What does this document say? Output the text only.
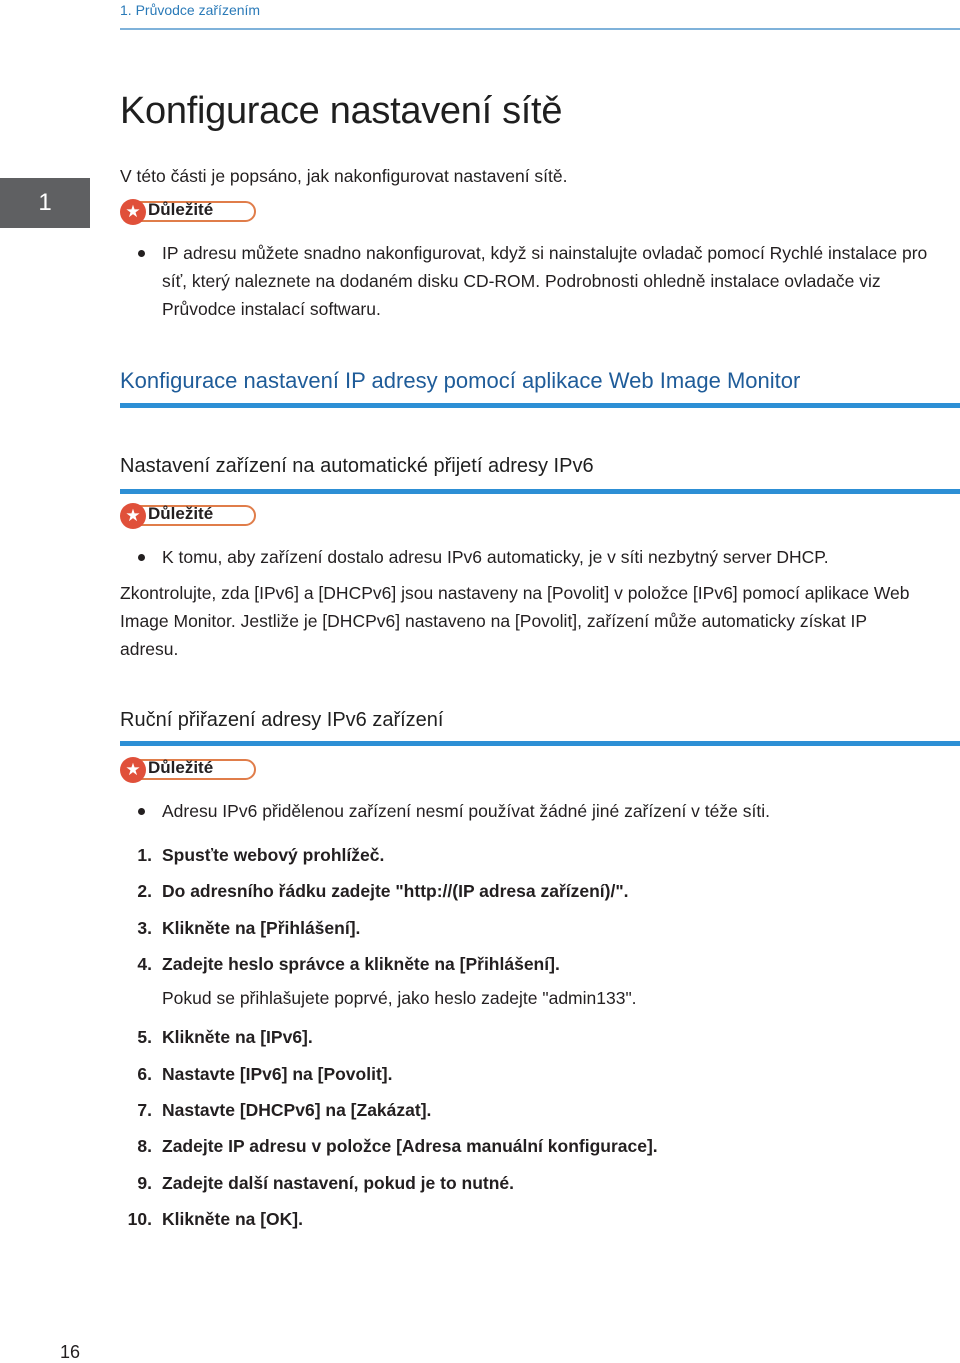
1. Průvodce zařízením
1
Konfigurace nastavení sítě
V této části je popsáno, jak nakonfigurovat nastavení sítě.
★ Důležité
IP adresu můžete snadno nakonfigurovat, když si nainstalujte ovladač pomocí Rychlé instalace pro
síť, který naleznete na dodaném disku CD-ROM. Podrobnosti ohledně instalace ovladače viz
Průvodce instalací softwaru.
Konfigurace nastavení IP adresy pomocí aplikace Web Image Monitor
Nastavení zařízení na automatické přijetí adresy IPv6
★ Důležité
K tomu, aby zařízení dostalo adresu IPv6 automaticky, je v síti nezbytný server DHCP.
Zkontrolujte, zda [IPv6] a [DHCPv6] jsou nastaveny na [Povolit] v položce [IPv6] pomocí aplikace Web
Image Monitor. Jestliže je [DHCPv6] nastaveno na [Povolit], zařízení může automaticky získat IP
adresu.
Ruční přiřazení adresy IPv6 zařízení
★ Důležité
Adresu IPv6 přidělenou zařízení nesmí používat žádné jiné zařízení v téže síti.
1. Spusťte webový prohlížeč.
2. Do adresního řádku zadejte "http://(IP adresa zařízení)/".
3. Klikněte na [Přihlášení].
4. Zadejte heslo správce a klikněte na [Přihlášení].
Pokud se přihlašujete poprvé, jako heslo zadejte "admin133".
5. Klikněte na [IPv6].
6. Nastavte [IPv6] na [Povolit].
7. Nastavte [DHCPv6] na [Zakázat].
8. Zadejte IP adresu v položce [Adresa manuální konfigurace].
9. Zadejte další nastavení, pokud je to nutné.
10. Klikněte na [OK].
16
